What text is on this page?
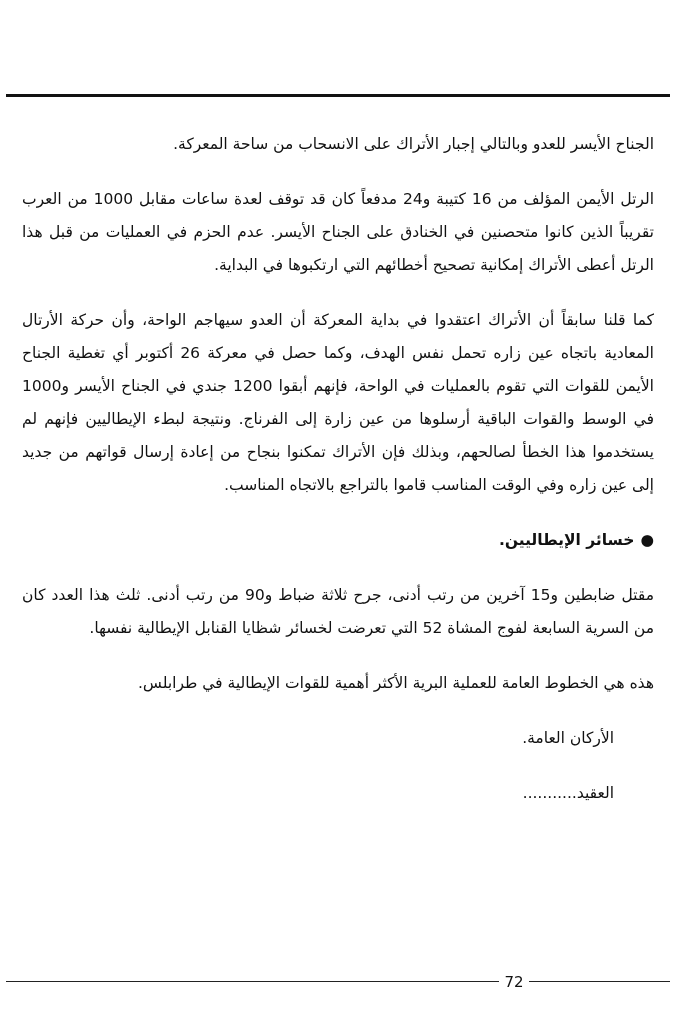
الجناح الأيسر للعدو وبالتالي إجبار الأتراك على الانسحاب من ساحة المعركة.

الرتل الأيمن المؤلف من 16 كتيبة و24 مدفعاً كان قد توقف لعدة ساعات مقابل 1000 من العرب تقريباً الذين كانوا متحصنين في الخنادق على الجناح الأيسر. عدم الحزم في العمليات من قبل هذا الرتل أعطى الأتراك إمكانية تصحيح أخطائهم التي ارتكبوها في البداية.

كما قلنا سابقاً أن الأتراك اعتقدوا في بداية المعركة أن العدو سيهاجم الواحة، وأن حركة الأرتال المعادية باتجاه عين زاره تحمل نفس الهدف، وكما حصل في معركة 26 أكتوبر أي تغطية الجناح الأيمن للقوات التي تقوم بالعمليات في الواحة، فإنهم أبقوا 1200 جندي في الجناح الأيسر و1000 في الوسط والقوات الباقية أرسلوها من عين زارة إلى الفرناج. ونتيجة لبطء الإيطاليين فإنهم لم يستخدموا هذا الخطأ لصالحهم، وبذلك فإن الأتراك تمكنوا بنجاح من إعادة إرسال قواتهم من جديد إلى عين زاره وفي الوقت المناسب قاموا بالتراجع بالاتجاه المناسب.

●خسائر الإيطاليين.

مقتل ضابطين و15 آخرين من رتب أدنى، جرح ثلاثة ضباط و90 من رتب أدنى. ثلث هذا العدد كان من السرية السابعة لفوج المشاة 52 التي تعرضت لخسائر شظايا القنابل الإيطالية نفسها.

هذه هي الخطوط العامة للعملية البرية الأكثر أهمية للقوات الإيطالية في طرابلس.

الأركان العامة.

العقيد...........

72
